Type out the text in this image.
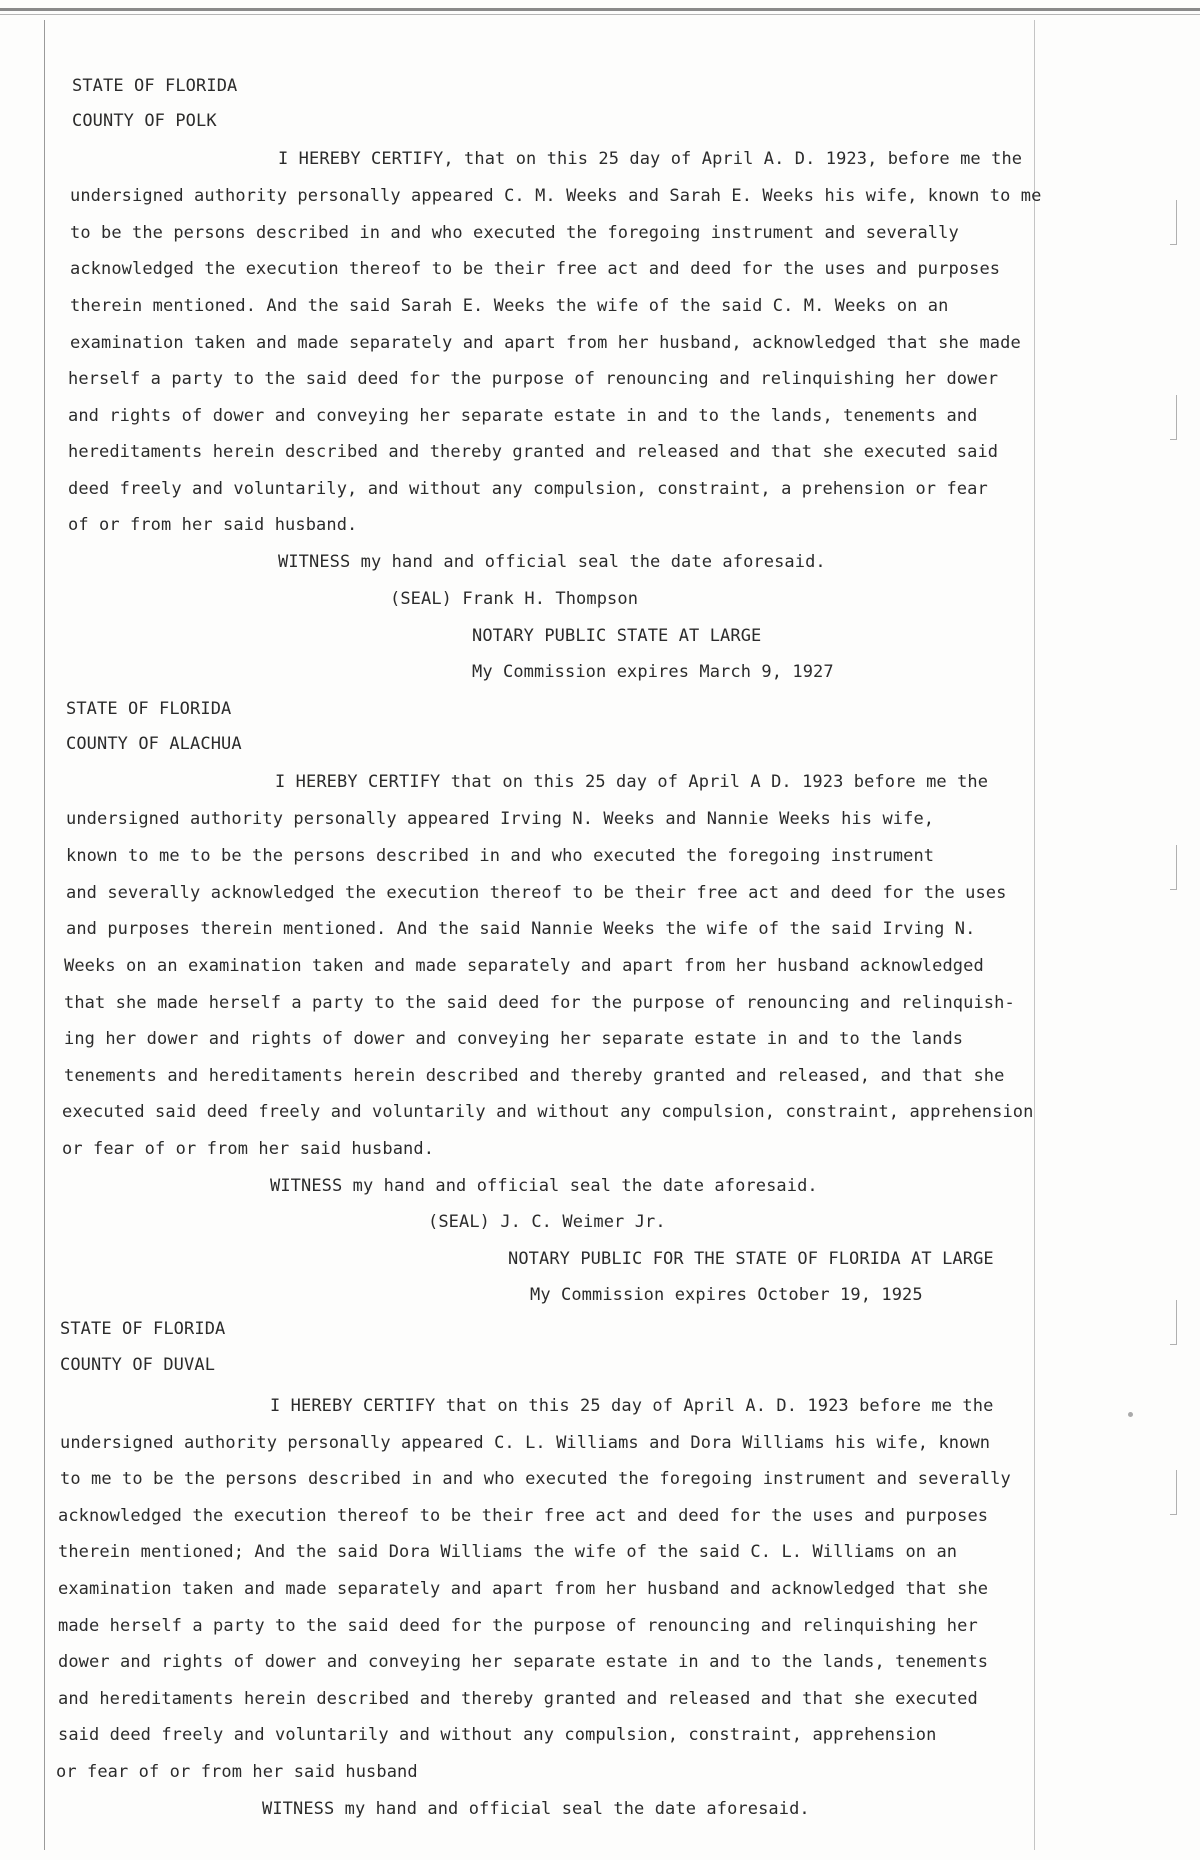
STATE OF FLORIDA
COUNTY OF POLK
I HEREBY CERTIFY, that on this 25 day of April A. D. 1923, before me the
undersigned authority personally appeared C. M. Weeks and Sarah E. Weeks his wife, known to me
to be the persons described in and who executed the foregoing instrument and severally
acknowledged the execution thereof to be their free act and deed for the uses and purposes
therein mentioned. And the said Sarah E. Weeks the wife of the said C. M. Weeks on an
examination taken and made separately and apart from her husband, acknowledged that she made
herself a party to the said deed for the purpose of renouncing and relinquishing her dower
and rights of dower and conveying her separate estate in and to the lands, tenements and
hereditaments herein described and thereby granted and released and that she executed said
deed freely and voluntarily, and without any compulsion, constraint, a prehension or fear
of or from her said husband.
WITNESS my hand and official seal the date aforesaid.
(SEAL) Frank H. Thompson
NOTARY PUBLIC STATE AT LARGE
My Commission expires March 9, 1927
STATE OF FLORIDA
COUNTY OF ALACHUA
I HEREBY CERTIFY that on this 25 day of April A D. 1923 before me the
undersigned authority personally appeared Irving N. Weeks and Nannie Weeks his wife,
known to me to be the persons described in and who executed the foregoing instrument
and severally acknowledged the execution thereof to be their free act and deed for the uses
and purposes therein mentioned. And the said Nannie Weeks the wife of the said Irving N.
Weeks on an examination taken and made separately and apart from her husband acknowledged
that she made herself a party to the said deed for the purpose of renouncing and relinquish-
ing her dower and rights of dower and conveying her separate estate in and to the lands
tenements and hereditaments herein described and thereby granted and released, and that she
executed said deed freely and voluntarily and without any compulsion, constraint, apprehension
or fear of or from her said husband.
WITNESS my hand and official seal the date aforesaid.
(SEAL) J. C. Weimer Jr.
NOTARY PUBLIC FOR THE STATE OF FLORIDA AT LARGE
My Commission expires October 19, 1925
STATE OF FLORIDA
COUNTY OF DUVAL
I HEREBY CERTIFY that on this 25 day of April A. D. 1923 before me the
undersigned authority personally appeared C. L. Williams and Dora Williams his wife, known
to me to be the persons described in and who executed the foregoing instrument and severally
acknowledged the execution thereof to be their free act and deed for the uses and purposes
therein mentioned; And the said Dora Williams the wife of the said C. L. Williams on an
examination taken and made separately and apart from her husband and acknowledged that she
made herself a party to the said deed for the purpose of renouncing and relinquishing her
dower and rights of dower and conveying her separate estate in and to the lands, tenements
and hereditaments herein described and thereby granted and released and that she executed
said deed freely and voluntarily and without any compulsion, constraint, apprehension
or fear of or from her said husband
WITNESS my hand and official seal the date aforesaid.
